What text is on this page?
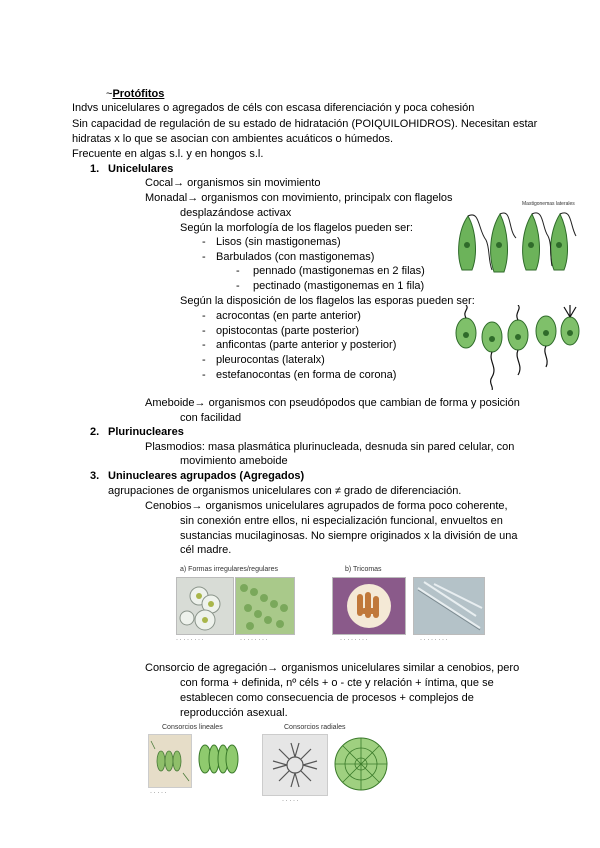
~Protófitos
Indvs unicelulares o agregados de céls con escasa diferenciación y poca cohesión
Sin capacidad de regulación de su estado de hidratación (POIQUILOHIDROS). Necesitan estar
hidratas x lo que se asocian con ambientes acuáticos o húmedos.
Frecuente en algas s.l. y en hongos s.l.
1. Unicelulares
Cocal→ organismos sin movimiento
Monadal→ organismos con movimiento, principalx con flagelos
desplazándose activax
Según la morfología de los flagelos pueden ser:
- Lisos (sin mastigonemas)
- Barbulados (con mastigonemas)
- pennado (mastigonemas en 2 filas)
- pectinado (mastigonemas en 1 fila)
Según la disposición de los flagelos las esporas pueden ser:
- acrocontas (en parte anterior)
- opistocontas (parte posterior)
- anficontas (parte anterior y posterior)
- pleurocontas (lateralx)
- estefanocontas (en forma de corona)
Ameboide→ organismos con pseudópodos que cambian de forma y posición
con facilidad
2. Plurinucleares
Plasmodios: masa plasmática plurinucleada, desnuda sin pared celular, con
movimiento ameboide
3. Uninucleares agrupados (Agregados)
agrupaciones de organismos unicelulares con ≠ grado de diferenciación.
Cenobios→ organismos unicelulares agrupados de forma poco coherente,
sin conexión entre ellos, ni especialización funcional, envueltos en
sustancias mucilaginosas. No siempre originados x la división de una
cél madre.
Consorcio de agregación→ organismos unicelulares similar a cenobios, pero
con forma + definida, nº céls + o - cte y relación + íntima, que se
establecen como consecuencia de procesos + complejos de
reproducción asexual.
Mastigonemas laterales
a) Formas irregulares/regulares	b) Tricomas
· · · · · · · ·	· · · · · · · ·	· · · · · · · ·	· · · · · · · ·
Consorcios lineales	Consorcios radiales
· · · · ·
· · · · ·
